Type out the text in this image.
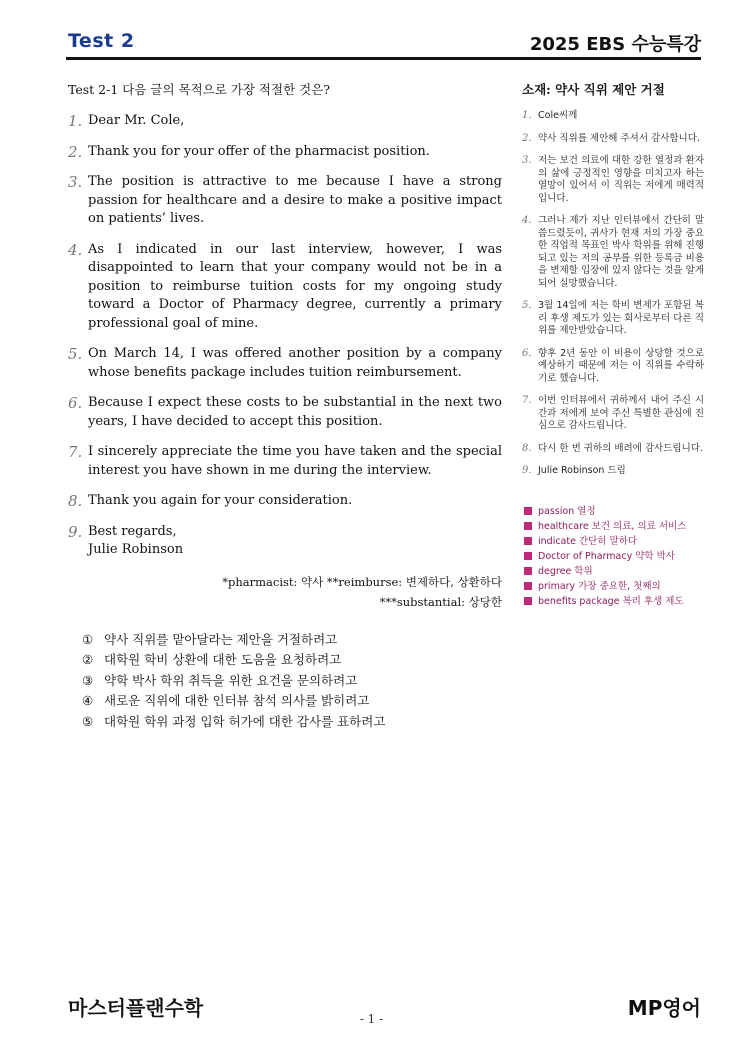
Test 2	2025 EBS 수능특강
Test 2-1 다음 글의 목적으로 가장 적절한 것은?
1. Dear Mr. Cole,
2. Thank you for your offer of the pharmacist position.
3. The position is attractive to me because I have a strong passion for healthcare and a desire to make a positive impact on patients’ lives.
4. As I indicated in our last interview, however, I was disappointed to learn that your company would not be in a position to reimburse tuition costs for my ongoing study toward a Doctor of Pharmacy degree, currently a primary professional goal of mine.
5. On March 14, I was offered another position by a company whose benefits package includes tuition reimbursement.
6. Because I expect these costs to be substantial in the next two years, I have decided to accept this position.
7. I sincerely appreciate the time you have taken and the special interest you have shown in me during the interview.
8. Thank you again for your consideration.
9. Best regards,
Julie Robinson
*pharmacist: 약사 **reimburse: 변제하다, 상환하다
***substantial: 상당한
① 약사 직위를 맡아달라는 제안을 거절하려고
② 대학원 학비 상환에 대한 도움을 요청하려고
③ 약학 박사 학위 취득을 위한 요건을 문의하려고
④ 새로운 직위에 대한 인터뷰 참석 의사를 밝히려고
⑤ 대학원 학위 과정 입학 허가에 대한 감사를 표하려고
소재: 약사 직위 제안 거절
1. Cole씨께
2. 약사 직위를 제안해 주셔서 감사합니다.
3. 저는 보건 의료에 대한 강한 열정과 환자의 삶에 긍정적인 영향을 미치고자 하는 열망이 있어서 이 직위는 저에게 매력적입니다.
4. 그러나 제가 지난 인터뷰에서 간단히 말씀드렸듯이, 귀사가 현재 저의 가장 중요한 직업적 목표인 박사 학위를 위해 진행되고 있는 저의 공부를 위한 등록금 비용을 변제할 입장에 있지 않다는 것을 알게 되어 실망했습니다.
5. 3월 14일에 저는 학비 변제가 포함된 복리 후생 제도가 있는 회사로부터 다른 직위를 제안받았습니다.
6. 향후 2년 동안 이 비용이 상당할 것으로 예상하기 때문에 저는 이 직위를 수락하기로 했습니다.
7. 이번 인터뷰에서 귀하께서 내어 주신 시간과 저에게 보여 주신 특별한 관심에 진심으로 감사드립니다.
8. 다시 한 번 귀하의 배려에 감사드립니다.
9. Julie Robinson 드림
passion 열정
healthcare 보건 의료, 의료 서비스
indicate 간단히 말하다
Doctor of Pharmacy 약학 박사
degree 학위
primary 가장 중요한, 첫째의
benefits package 복리 후생 제도
마스터플랜수학	- 1 -	MP영어
